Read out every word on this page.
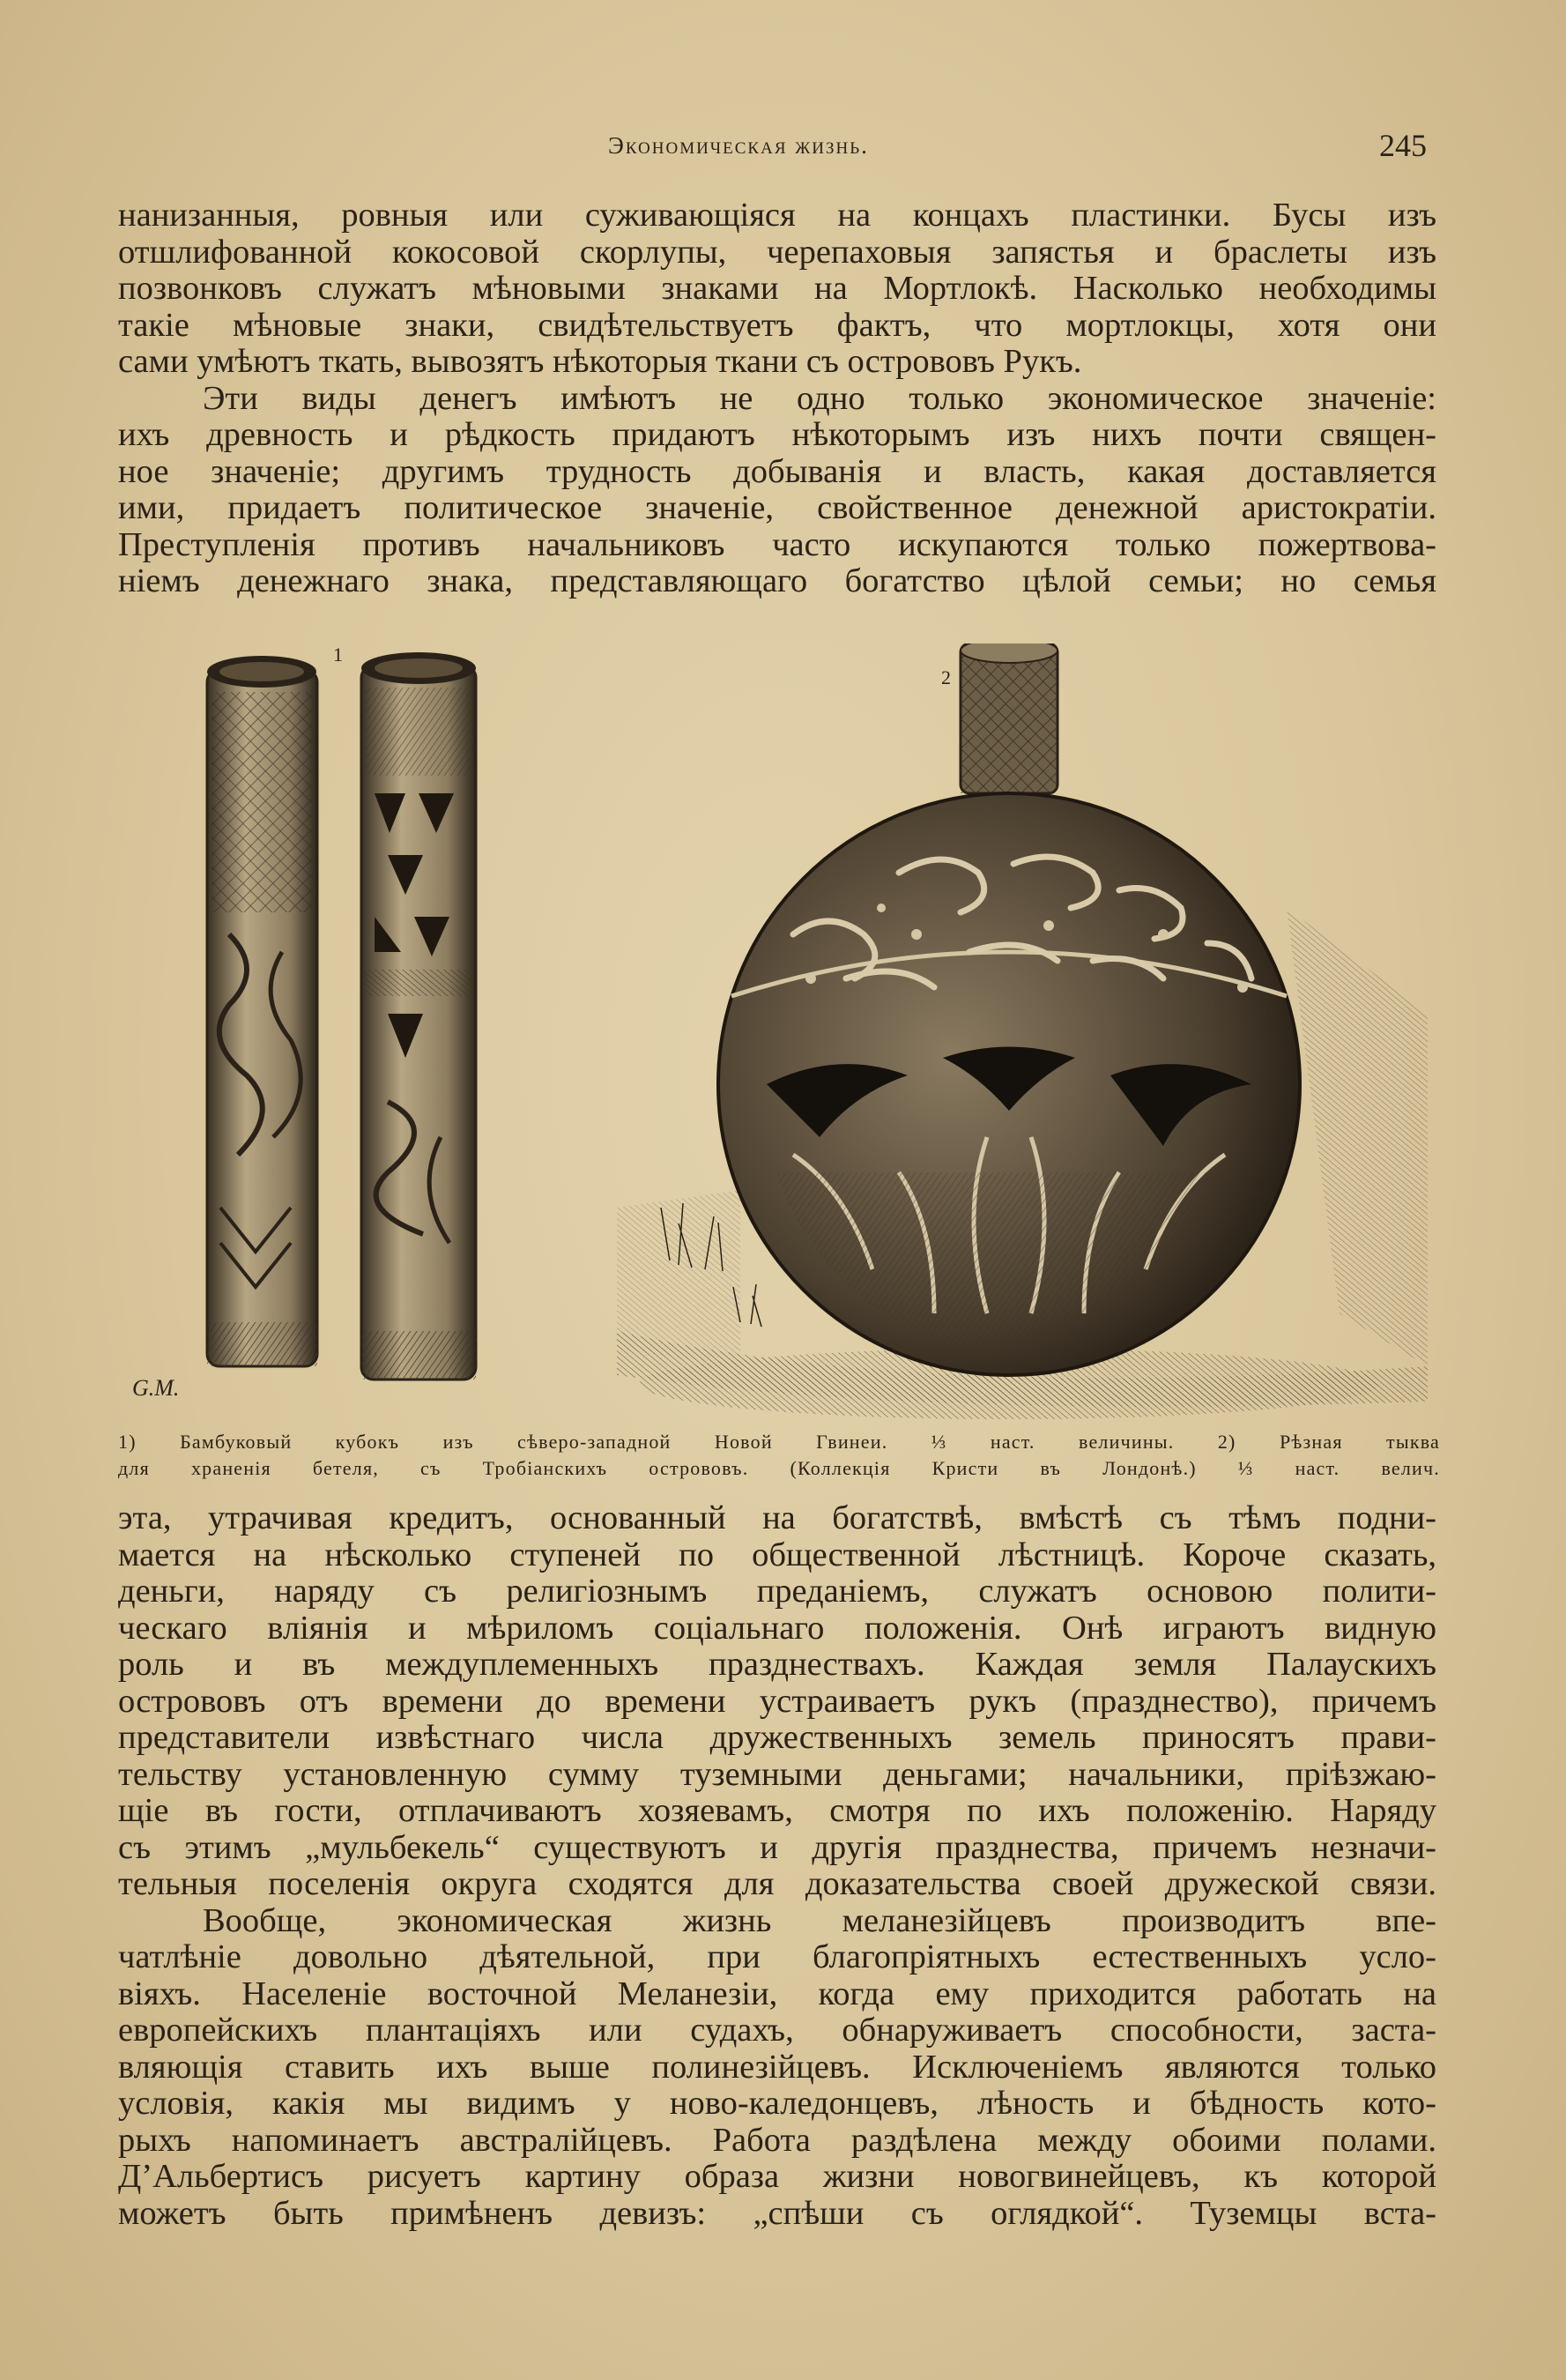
Экономическая жизнь.	245
нанизанныя, ровныя или суживающіяся на концахъ пластинки. Бусы изъ
отшлифованной кокосовой скорлупы, черепаховыя запястья и браслеты изъ
позвонковъ служатъ мѣновыми знаками на Мортлокѣ. Насколько необходимы
такіе мѣновые знаки, свидѣтельствуетъ фактъ, что мортлокцы, хотя они
сами умѣютъ ткать, вывозятъ нѣкоторыя ткани съ острововъ Рукъ.
Эти виды денегъ имѣютъ не одно только экономическое значеніе:
ихъ древность и рѣдкость придаютъ нѣкоторымъ изъ нихъ почти священ-
ное значеніе; другимъ трудность добыванія и власть, какая доставляется
ими, придаетъ политическое значеніе, свойственное денежной аристократіи.
Преступленія противъ начальниковъ часто искупаются только пожертвова-
ніемъ денежнаго знака, представляющаго богатство цѣлой семьи; но семья
1
2
G.M.
1) Бамбуковый кубокъ изъ сѣверо-западной Новой Гвинеи. ⅓ наст. величины. 2) Рѣзная тыква
для храненія бетеля, съ Тробіанскихъ острововъ. (Коллекція Кристи въ Лондонѣ.) ⅓ наст. велич.
эта, утрачивая кредитъ, основанный на богатствѣ, вмѣстѣ съ тѣмъ подни-
мается на нѣсколько ступеней по общественной лѣстницѣ. Короче сказать,
деньги, наряду съ религіознымъ преданіемъ, служатъ основою полити-
ческаго вліянія и мѣриломъ соціальнаго положенія. Онѣ играютъ видную
роль и въ междуплеменныхъ празднествахъ. Каждая земля Палаускихъ
острововъ отъ времени до времени устраиваетъ рукъ (празднество), причемъ
представители извѣстнаго числа дружественныхъ земель приносятъ прави-
тельству установленную сумму туземными деньгами; начальники, пріѣзжаю-
щіе въ гости, отплачиваютъ хозяевамъ, смотря по ихъ положенію. Наряду
съ этимъ „мульбекель“ существуютъ и другія празднества, причемъ незначи-
тельныя поселенія округа сходятся для доказательства своей дружеской связи.
Вообще, экономическая жизнь меланезійцевъ производитъ впе-
чатлѣніе довольно дѣятельной, при благопріятныхъ естественныхъ усло-
віяхъ. Населеніе восточной Меланезіи, когда ему приходится работать на
европейскихъ плантаціяхъ или судахъ, обнаруживаетъ способности, заста-
вляющія ставить ихъ выше полинезійцевъ. Исключеніемъ являются только
условія, какія мы видимъ у ново-каледонцевъ, лѣность и бѣдность кото-
рыхъ напоминаетъ австралійцевъ. Работа раздѣлена между обоими полами.
Д’Альбертисъ рисуетъ картину образа жизни новогвинейцевъ, къ которой
можетъ быть примѣненъ девизъ: „спѣши съ оглядкой“. Туземцы вста-
